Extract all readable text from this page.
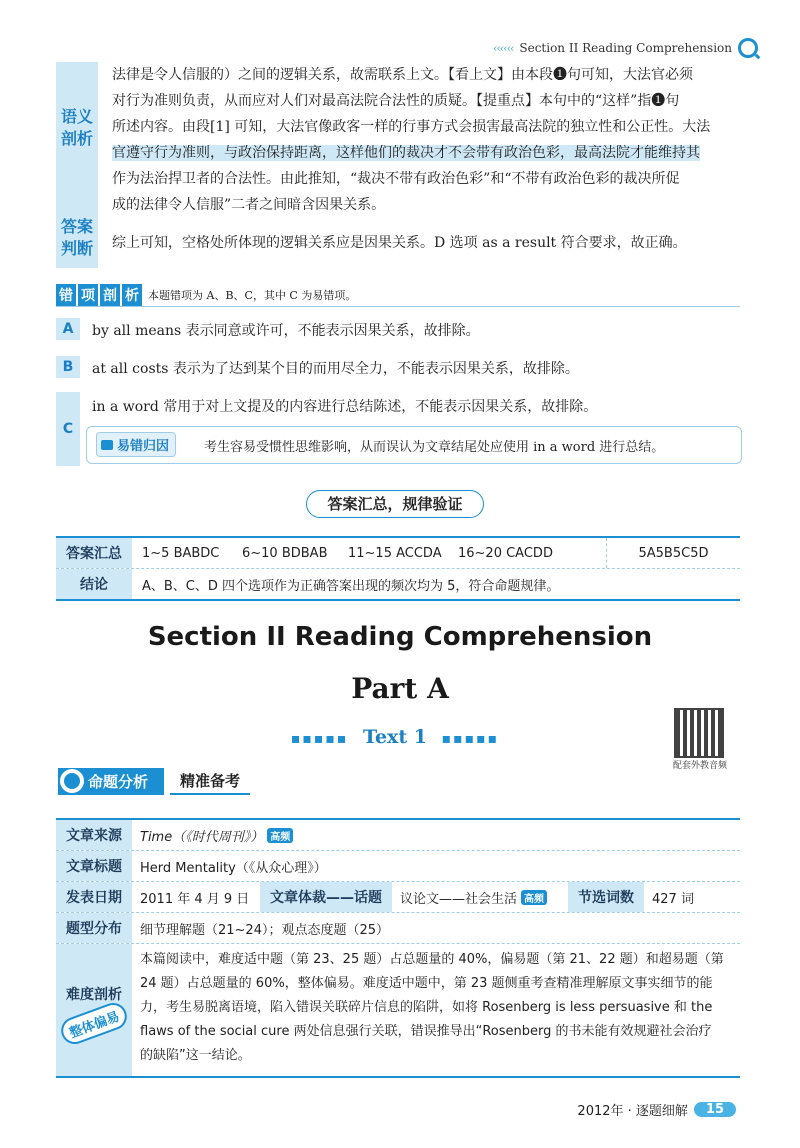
‹‹‹‹‹‹ Section II Reading Comprehension
语义
剖析
法律是令人信服的）之间的逻辑关系，故需联系上文。【看上文】由本段❶句可知，大法官必须
对行为准则负责，从而应对人们对最高法院合法性的质疑。【提重点】本句中的“这样”指❶句
所述内容。由段[1] 可知，大法官像政客一样的行事方式会损害最高法院的独立性和公正性。大法
官遵守行为准则，与政治保持距离，这样他们的裁决才不会带有政治色彩，最高法院才能维持其
作为法治捍卫者的合法性。由此推知，“裁决不带有政治色彩”和“不带有政治色彩的裁决所促
成的法律令人信服”二者之间暗含因果关系。
答案
判断	综上可知，空格处所体现的逻辑关系应是因果关系。D 选项 as a result 符合要求，故正确。
错 项 剖 析 本题错项为 A、B、C，其中 C 为易错项。
A	by all means 表示同意或许可，不能表示因果关系，故排除。
B	at all costs 表示为了达到某个目的而用尽全力，不能表示因果关系，故排除。
C
in a word 常用于对上文提及的内容进行总结陈述，不能表示因果关系，故排除。
易错归因	考生容易受惯性思维影响，从而误认为文章结尾处应使用 in a word 进行总结。
答案汇总，规律验证
答案汇总	1~5 BABDC	6~10 BDBAB	11~15 ACCDA	16~20 CACDD	5A5B5C5D
结论	A、B、C、D 四个选项作为正确答案出现的频次均为 5，符合命题规律。
Section II Reading Comprehension
Part A
▪▪▪▪▪ Text 1 ▪▪▪▪▪
配套外教音频
命题分析	精准备考
文章来源	Time（《时代周刊》） 高频
文章标题	Herd Mentality（《从众心理》）
发表日期	2011 年 4 月 9 日	文章体裁——话题	议论文——社会生活 高频	节选词数	427 词
题型分布	细节理解题（21~24）；观点态度题（25）
难度剖析
整体偏易
本篇阅读中，难度适中题（第 23、25 题）占总题量的 40%，偏易题（第 21、22 题）和超易题（第
24 题）占总题量的 60%，整体偏易。难度适中题中，第 23 题侧重考查精准理解原文事实细节的能
力，考生易脱离语境，陷入错误关联碎片信息的陷阱，如将 Rosenberg is less persuasive 和 the
flaws of the social cure 两处信息强行关联，错误推导出“Rosenberg 的书未能有效规避社会治疗
的缺陷”这一结论。
2012年 · 逐题细解	15
